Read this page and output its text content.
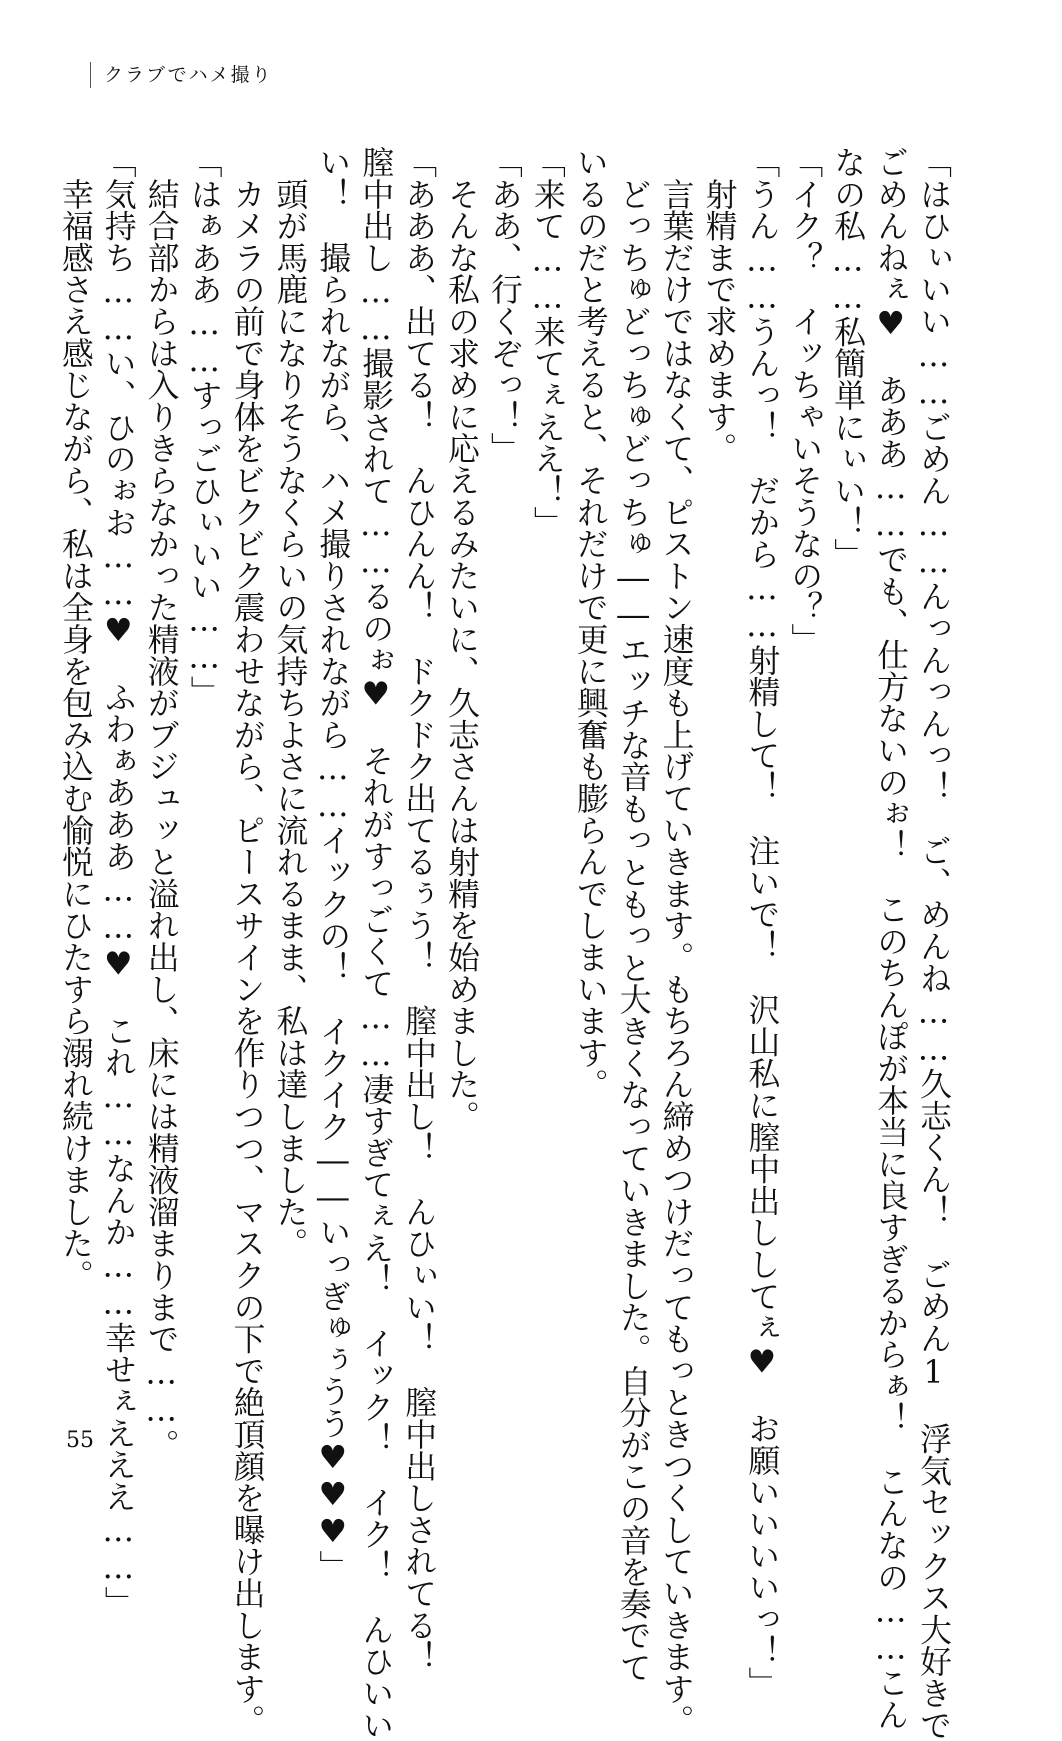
クラブでハメ撮り
「はひぃいい……ごめん……んっんっんっ！　ご、めんね……久志くん！　ごめん1　浮気セックス大好きで
ごめんねぇ♥　あああ……でも、仕方ないのぉ！　このちんぽが本当に良すぎるからぁ！　こんなの……こん
なの私……私簡単にぃい！」
「イク？　イッちゃいそうなの？」
「うん……うんっ！　だから……射精して！　注いで！　沢山私に膣中出ししてぇ♥　お願いいいいっ！」
　射精まで求めます。
　言葉だけではなくて、ピストン速度も上げていきます。もちろん締めつけだってもっときつくしていきます。
　どっちゅどっちゅどっちゅ――エッチな音もっともっと大きくなっていきました。自分がこの音を奏でて
いるのだと考えると、それだけで更に興奮も膨らんでしまいます。
「来て……来てぇええ！」
「ああ、行くぞっ！」
　そんな私の求めに応えるみたいに、久志さんは射精を始めました。
「あああ、出てる！　んひんん！　ドクドク出てるぅう！　膣中出し！　んひぃい！　膣中出しされてる！
膣中出し……撮影されて……るのぉ♥　それがすっごくて……凄すぎてぇえ！　イック！　イク！　んひいい
い！　撮られながら、ハメ撮りされながら……イックの！　イクイク――いっぎゅぅうう♥♥♥」
　頭が馬鹿になりそうなくらいの気持ちよさに流れるまま、私は達しました。
　カメラの前で身体をビクビク震わせながら、ピースサインを作りつつ、マスクの下で絶頂顔を曝け出します。
「はぁああ……すっごひぃいい……」
　結合部からは入りきらなかった精液がブジュッと溢れ出し、床には精液溜まりまで……。
「気持ち……い、ひのぉお……♥　ふわぁあああ……♥　これ……なんか……幸せぇえええ……」
　幸福感さえ感じながら、私は全身を包み込む愉悦にひたすら溺れ続けました。
55
